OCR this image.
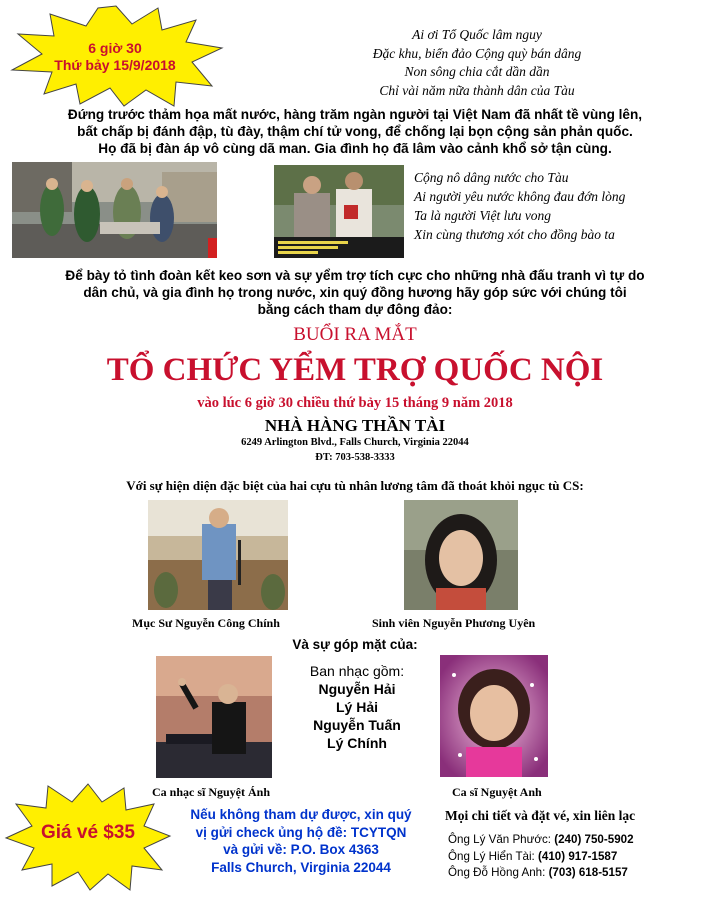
6 giờ 30
Thứ bảy 15/9/2018
Ai ơi Tổ Quốc lâm nguy
Đặc khu, biển đảo Cộng quỳ bán dâng
Non sông chia cắt dần dần
Chỉ vài năm nữa thành dân của Tàu
Đứng trước thảm họa mất nước, hàng trăm ngàn người tại Việt Nam đã nhất tề vùng lên,
bất chấp bị đánh đập, tù đày, thậm chí tử vong, để chống lại bọn cộng sản phản quốc.
Họ đã bị đàn áp vô cùng dã man. Gia đình họ đã lâm vào cảnh khổ sở tận cùng.
Cộng nô dâng nước cho Tàu
Ai người yêu nước không đau đớn lòng
Ta là người Việt lưu vong
Xin cùng thương xót cho đồng bào ta
Để bày tỏ tình đoàn kết keo sơn và sự yểm trợ tích cực cho những nhà đấu tranh vì tự do
dân chủ, và gia đình họ trong nước, xin quý đồng hương hãy góp sức với chúng tôi
bằng cách tham dự đông đảo:
BUỔI RA MẮT
TỔ CHỨC YỂM TRỢ QUỐC NỘI
vào lúc 6 giờ 30 chiều thứ bảy 15 tháng 9 năm 2018
NHÀ HÀNG THẦN TÀI
6249 Arlington Blvd., Falls Church, Virginia 22044
ĐT: 703-538-3333
Với sự hiện diện đặc biệt của hai cựu tù nhân lương tâm đã thoát khỏi ngục tù CS:
Mục Sư Nguyễn Công Chính	Sinh viên Nguyễn Phương Uyên
Và sự góp mặt của:
Ca nhạc sĩ Nguyệt Ánh
Ban nhạc gồm:
Nguyễn Hải
Lý Hải
Nguyễn Tuấn
Lý Chính
Ca sĩ Nguyệt Anh
Giá vé $35
Nếu không tham dự được, xin quý
vị gửi check ủng hộ đề: TCYTQN
và gửi về: P.O. Box 4363
Falls Church, Virginia 22044
Mọi chi tiết và đặt vé, xin liên lạc
Ông Lý Văn Phước: (240) 750-5902
Ông Lý Hiển Tài: (410) 917-1587
Ông Đỗ Hồng Anh: (703) 618-5157
